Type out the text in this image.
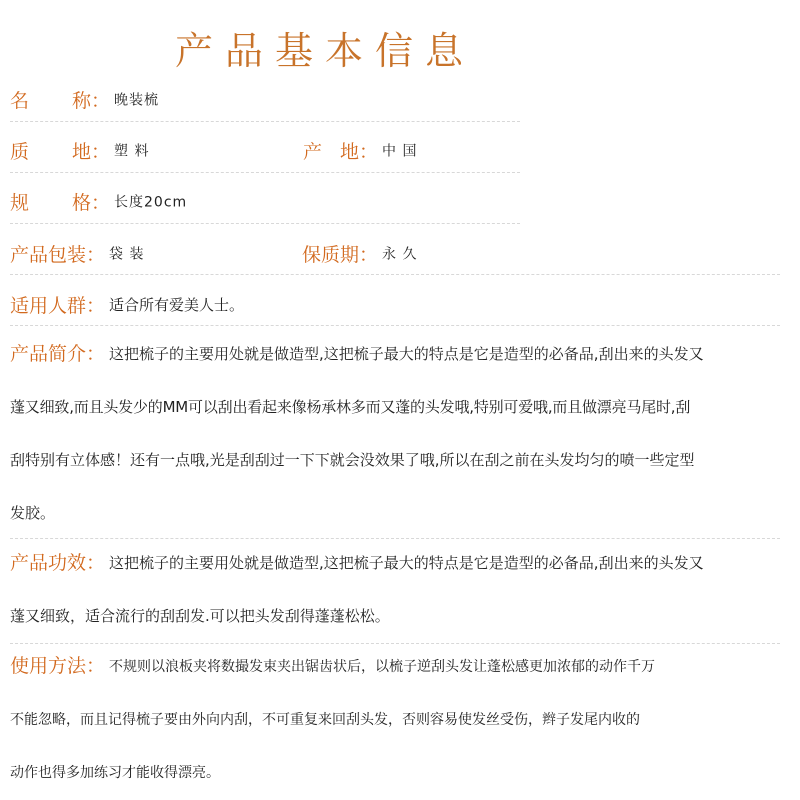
产品基本信息
名 称 ： 晚装梳
质 地 ： 塑 料	产 地 ： 中 国
规 格 ： 长度20cm
产品包装： 袋 装	保质期： 永 久
适用人群： 适合所有爱美人士。
产品简介： 这把梳子的主要用处就是做造型,这把梳子最大的特点是它是造型的必备品,刮出来的头发又
蓬又细致,而且头发少的MM可以刮出看起来像杨承林多而又蓬的头发哦,特别可爱哦,而且做漂亮马尾时,刮
刮特别有立体感！还有一点哦,光是刮刮过一下下就会没效果了哦,所以在刮之前在头发均匀的喷一些定型
发胶。
产品功效： 这把梳子的主要用处就是做造型,这把梳子最大的特点是它是造型的必备品,刮出来的头发又
蓬又细致，适合流行的刮刮发.可以把头发刮得蓬蓬松松。
使用方法： 不规则以浪板夹将数撮发束夹出锯齿状后，以梳子逆刮头发让蓬松感更加浓郁的动作千万
不能忽略，而且记得梳子要由外向内刮，不可重复来回刮头发，否则容易使发丝受伤，辫子发尾内收的
动作也得多加练习才能收得漂亮。
